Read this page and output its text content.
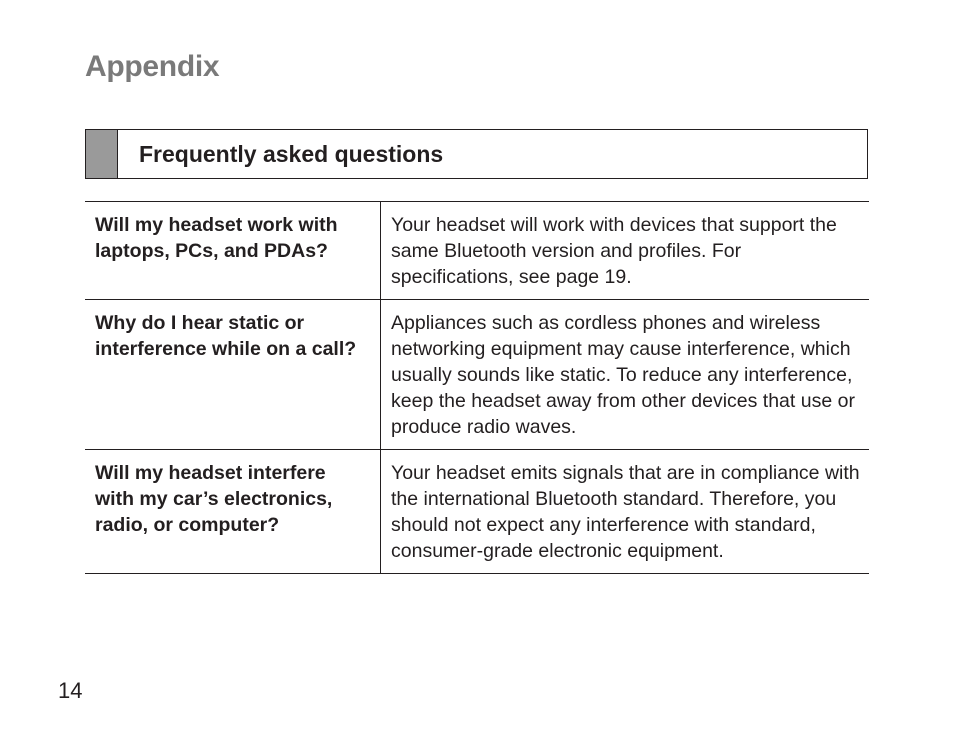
Appendix
Frequently asked questions
Will my headset work with laptops, PCs, and PDAs?	Your headset will work with devices that support the same Bluetooth version and profiles. For specifications, see page 19.
Why do I hear static or interference while on a call?	Appliances such as cordless phones and wireless networking equipment may cause interference, which usually sounds like static. To reduce any interference, keep the headset away from other devices that use or produce radio waves.
Will my headset interfere with my car’s electronics, radio, or computer?	Your headset emits signals that are in compliance with the international Bluetooth standard. Therefore, you should not expect any interference with standard, consumer-grade electronic equipment.
14
